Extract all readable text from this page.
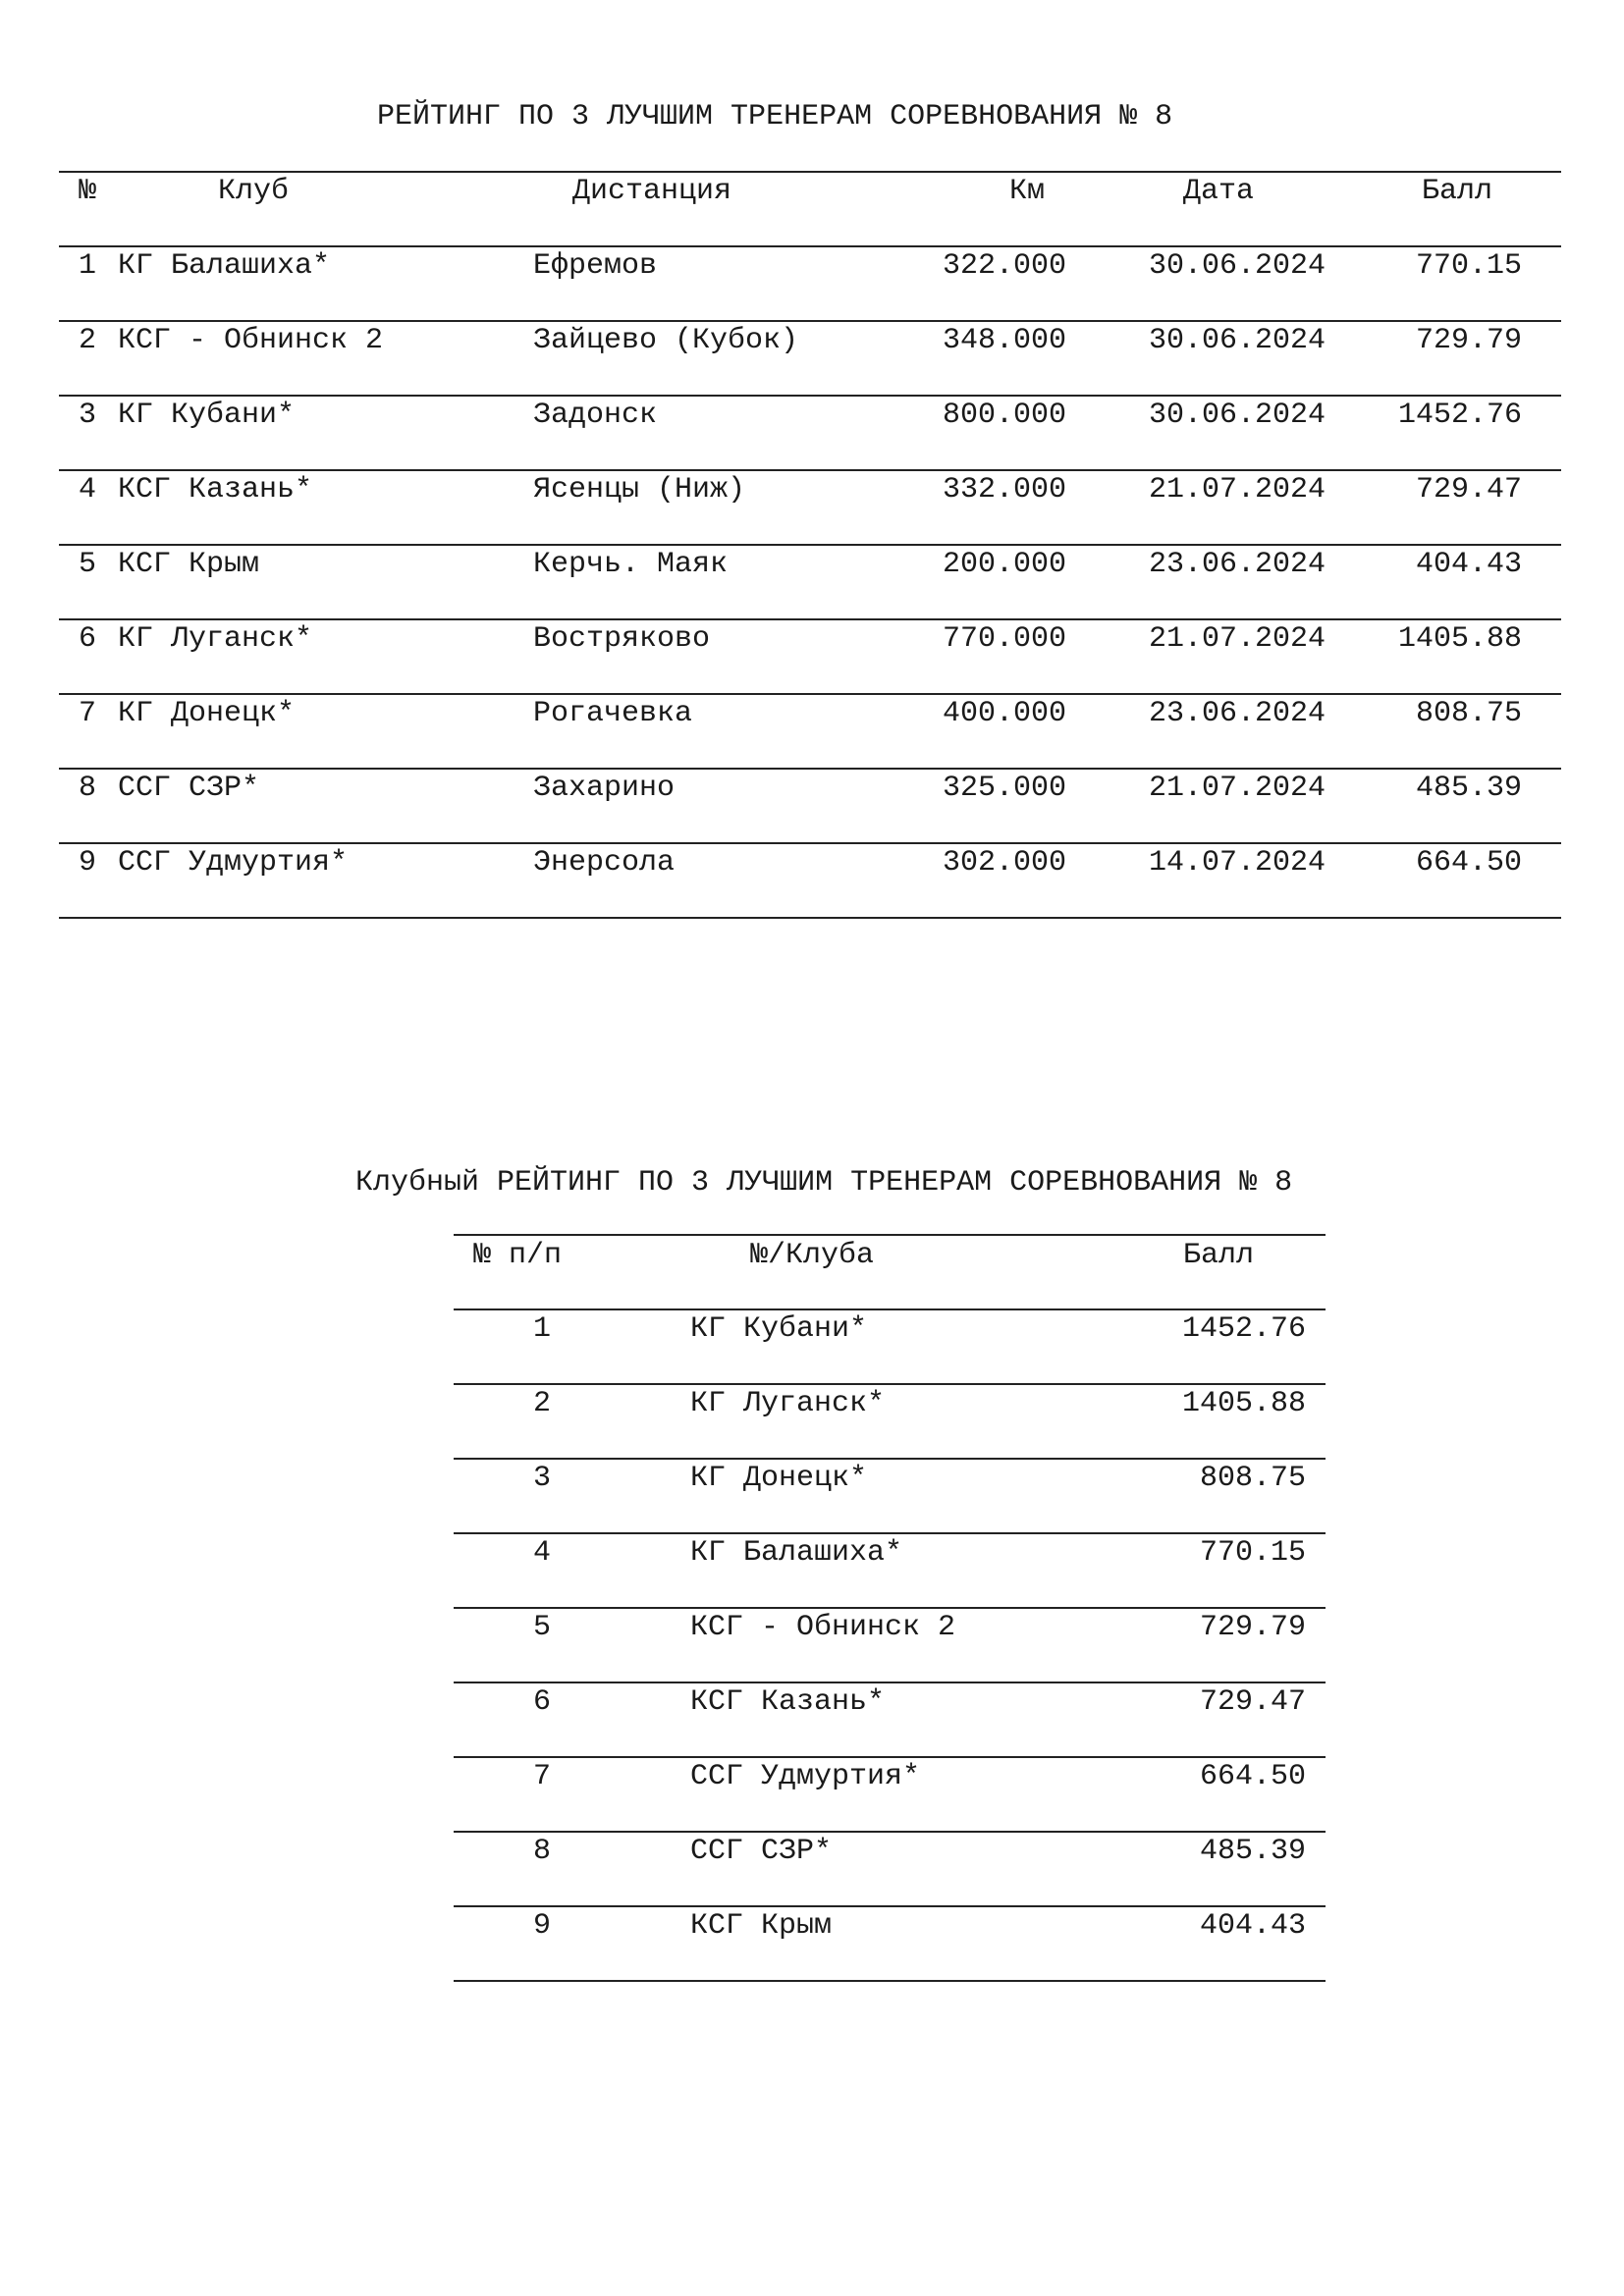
РЕЙТИНГ ПО 3 ЛУЧШИМ ТРЕНЕРАМ СОРЕВНОВАНИЯ № 8
№	Клуб	Дистанция	Км	Дата	Балл
1 КГ Балашиха*	Ефремов	322.000	30.06.2024	770.15
2 КСГ - Обнинск 2	Зайцево (Кубок)	348.000	30.06.2024	729.79
3 КГ Кубани*	Задонск	800.000	30.06.2024	1452.76
4 КСГ Казань*	Ясенцы (Ниж)	332.000	21.07.2024	729.47
5 КСГ Крым	Керчь. Маяк	200.000	23.06.2024	404.43
6 КГ Луганск*	Востряково	770.000	21.07.2024	1405.88
7 КГ Донецк*	Рогачевка	400.000	23.06.2024	808.75
8 ССГ СЗР*	Захарино	325.000	21.07.2024	485.39
9 ССГ Удмуртия*	Энерсола	302.000	14.07.2024	664.50
Клубный РЕЙТИНГ ПО 3 ЛУЧШИМ ТРЕНЕРАМ СОРЕВНОВАНИЯ № 8
№ п/п	№/Клуба	Балл
1	КГ Кубани*	1452.76
2	КГ Луганск*	1405.88
3	КГ Донецк*	808.75
4	КГ Балашиха*	770.15
5	КСГ - Обнинск 2	729.79
6	КСГ Казань*	729.47
7	ССГ Удмуртия*	664.50
8	ССГ СЗР*	485.39
9	КСГ Крым	404.43
